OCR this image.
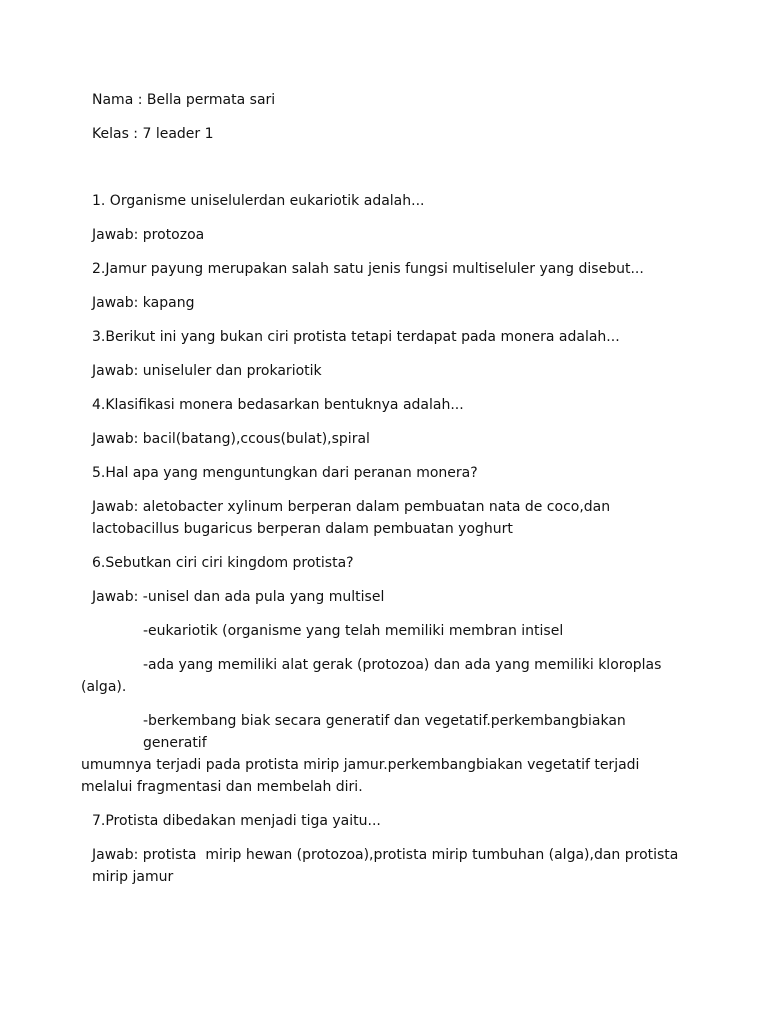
Nama : Bella permata sari

Kelas : 7 leader 1

1. Organisme uniselulerdan eukariotik adalah...

Jawab: protozoa

2.Jamur payung merupakan salah satu jenis fungsi multiseluler yang disebut...

Jawab: kapang

3.Berikut ini yang bukan ciri protista tetapi terdapat pada monera adalah...

Jawab: uniseluler dan prokariotik

4.Klasifikasi monera bedasarkan bentuknya adalah...

Jawab: bacil(batang),ccous(bulat),spiral

5.Hal apa yang menguntungkan dari peranan monera?

Jawab: aletobacter xylinum berperan dalam pembuatan nata de coco,dan

lactobacillus bugaricus berperan dalam pembuatan yoghurt

6.Sebutkan ciri ciri kingdom protista?

Jawab: -unisel dan ada pula yang multisel

-eukariotik (organisme yang telah memiliki membran intisel

-ada yang memiliki alat gerak (protozoa) dan ada yang memiliki kloroplas

(alga).

-berkembang biak secara generatif dan vegetatif.perkembangbiakan generatif

umumnya terjadi pada protista mirip jamur.perkembangbiakan vegetatif terjadi

melalui fragmentasi dan membelah diri.

7.Protista dibedakan menjadi tiga yaitu...

Jawab: protista  mirip hewan (protozoa),protista mirip tumbuhan (alga),dan protista

mirip jamur
